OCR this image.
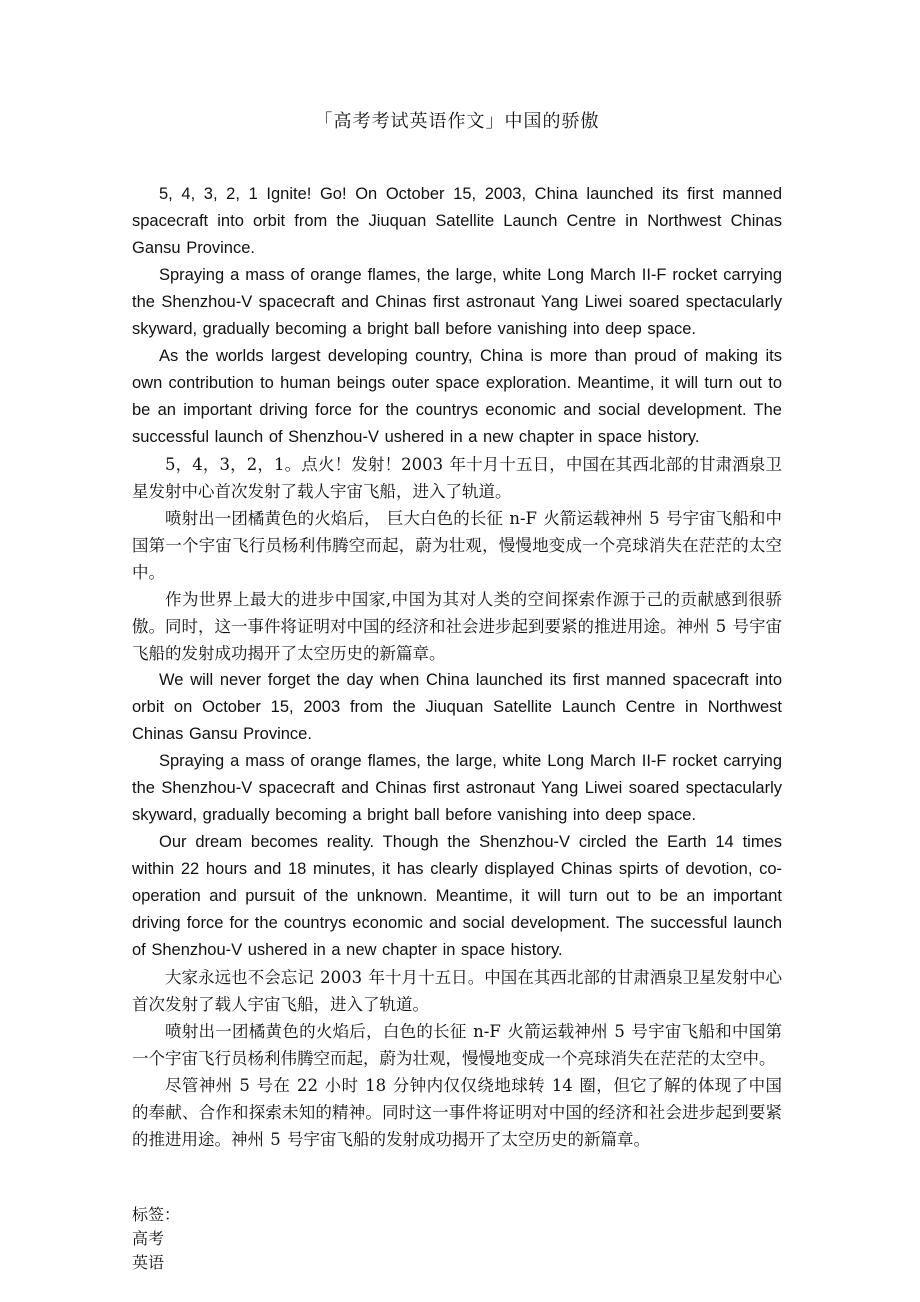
「高考考试英语作文」中国的骄傲

5, 4, 3, 2, 1 Ignite! Go! On October 15, 2003, China launched its first manned spacecraft into orbit from the Jiuquan Satellite Launch Centre in Northwest Chinas Gansu Province.

Spraying a mass of orange flames, the large, white Long March II-F rocket carrying the Shenzhou-V spacecraft and Chinas first astronaut Yang Liwei soared spectacularly skyward, gradually becoming a bright ball before vanishing into deep space.

As the worlds largest developing country, China is more than proud of making its own contribution to human beings outer space exploration. Meantime, it will turn out to be an important driving force for the countrys economic and social development. The successful launch of Shenzhou-V ushered in a new chapter in space history.

5，4，3，2，1。点火！发射！2003 年十月十五日，中国在其西北部的甘肃酒泉卫星发射中心首次发射了载人宇宙飞船，进入了轨道。

喷射出一团橘黄色的火焰后， 巨大白色的长征 n-F 火箭运载神州 5 号宇宙飞船和中国第一个宇宙飞行员杨利伟腾空而起，蔚为壮观，慢慢地变成一个亮球消失在茫茫的太空中。

作为世界上最大的进步中国家,中国为其对人类的空间探索作源于己的贡献感到很骄傲。同时，这一事件将证明对中国的经济和社会进步起到要紧的推进用途。神州 5 号宇宙飞船的发射成功揭开了太空历史的新篇章。

We will never forget the day when China launched its first manned spacecraft into orbit on October 15, 2003 from the Jiuquan Satellite Launch Centre in Northwest Chinas Gansu Province.

Spraying a mass of orange flames, the large, white Long March II-F rocket carrying the Shenzhou-V spacecraft and Chinas first astronaut Yang Liwei soared spectacularly skyward, gradually becoming a bright ball before vanishing into deep space.

Our dream becomes reality. Though the Shenzhou-V circled the Earth 14 times within 22 hours and 18 minutes, it has clearly displayed Chinas spirts of devotion, co-operation and pursuit of the unknown. Meantime, it will turn out to be an important driving force for the countrys economic and social development. The successful launch of Shenzhou-V ushered in a new chapter in space history.

大家永远也不会忘记 2003 年十月十五日。中国在其西北部的甘肃酒泉卫星发射中心首次发射了载人宇宙飞船，进入了轨道。

喷射出一团橘黄色的火焰后，白色的长征 n-F 火箭运载神州 5 号宇宙飞船和中国第一个宇宙飞行员杨利伟腾空而起，蔚为壮观，慢慢地变成一个亮球消失在茫茫的太空中。

尽管神州 5 号在 22 小时 18 分钟内仅仅绕地球转 14 圈，但它了解的体现了中国的奉献、合作和探索未知的精神。同时这一事件将证明对中国的经济和社会进步起到要紧的推进用途。神州 5 号宇宙飞船的发射成功揭开了太空历史的新篇章。

标签：

高考

英语
